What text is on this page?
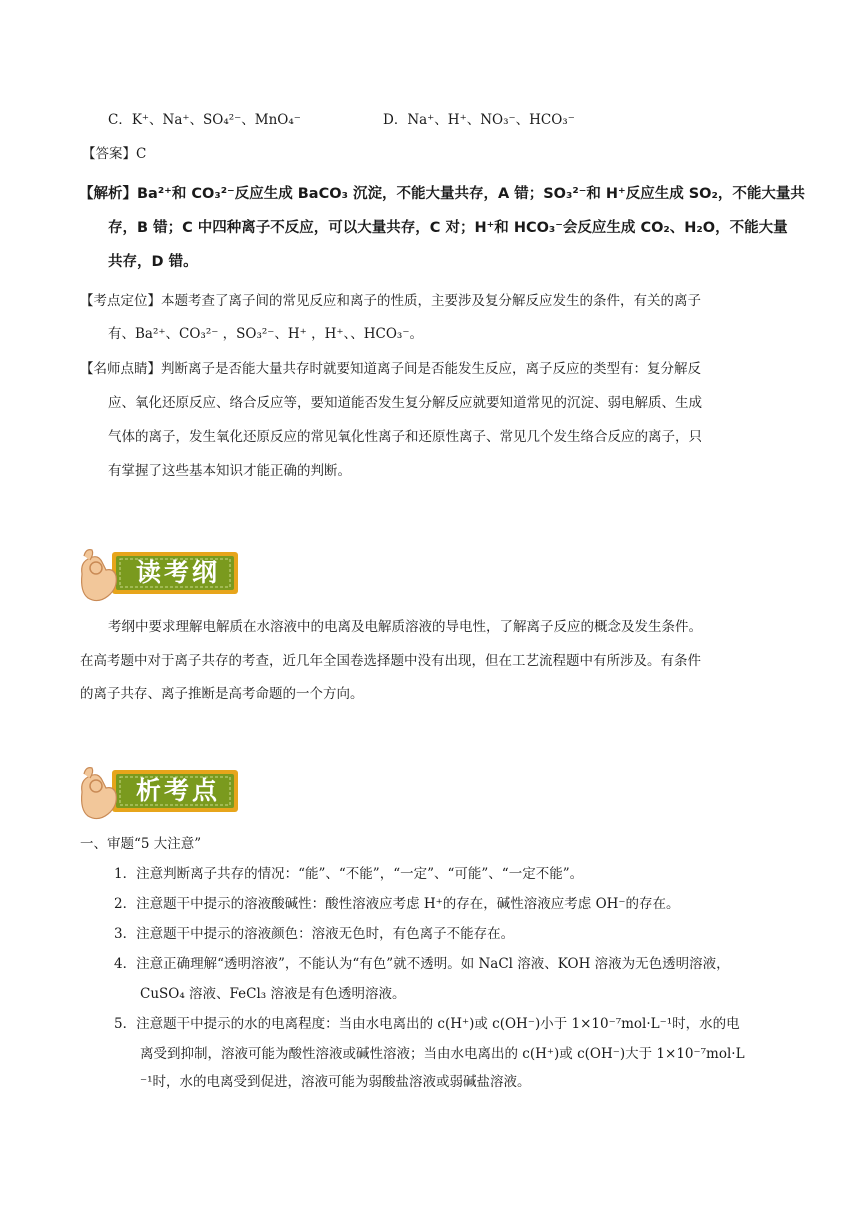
C．K⁺、Na⁺、SO₄²⁻、MnO₄⁻	D．Na⁺、H⁺、NO₃⁻、HCO₃⁻
【答案】C
【解析】Ba²⁺和 CO₃²⁻反应生成 BaCO₃ 沉淀，不能大量共存，A 错；SO₃²⁻和 H⁺反应生成 SO₂，不能大量共
存，B 错；C 中四种离子不反应，可以大量共存，C 对；H⁺和 HCO₃⁻会反应生成 CO₂、H₂O，不能大量
共存，D 错。
【考点定位】本题考查了离子间的常见反应和离子的性质，主要涉及复分解反应发生的条件，有关的离子
有、Ba²⁺、CO₃²⁻ ，SO₃²⁻、H⁺ ，H⁺、、HCO₃⁻。
【名师点睛】判断离子是否能大量共存时就要知道离子间是否能发生反应，离子反应的类型有：复分解反
应、氧化还原反应、络合反应等，要知道能否发生复分解反应就要知道常见的沉淀、弱电解质、生成
气体的离子，发生氧化还原反应的常见氧化性离子和还原性离子、常见几个发生络合反应的离子，只
有掌握了这些基本知识才能正确的判断。
读考纲
考纲中要求理解电解质在水溶液中的电离及电解质溶液的导电性，了解离子反应的概念及发生条件。
在高考题中对于离子共存的考查，近几年全国卷选择题中没有出现，但在工艺流程题中有所涉及。有条件
的离子共存、离子推断是高考命题的一个方向。
析考点
一、审题“5 大注意”
1．注意判断离子共存的情况：“能”、“不能”，“一定”、“可能”、“一定不能”。
2．注意题干中提示的溶液酸碱性：酸性溶液应考虑 H⁺的存在，碱性溶液应考虑 OH⁻的存在。
3．注意题干中提示的溶液颜色：溶液无色时，有色离子不能存在。
4．注意正确理解“透明溶液”，不能认为“有色”就不透明。如 NaCl 溶液、KOH 溶液为无色透明溶液，
CuSO₄ 溶液、FeCl₃ 溶液是有色透明溶液。
5．注意题干中提示的水的电离程度：当由水电离出的 c(H⁺)或 c(OH⁻)小于 1×10⁻⁷mol·L⁻¹时，水的电
离受到抑制，溶液可能为酸性溶液或碱性溶液；当由水电离出的 c(H⁺)或 c(OH⁻)大于 1×10⁻⁷mol·L
⁻¹时，水的电离受到促进，溶液可能为弱酸盐溶液或弱碱盐溶液。
